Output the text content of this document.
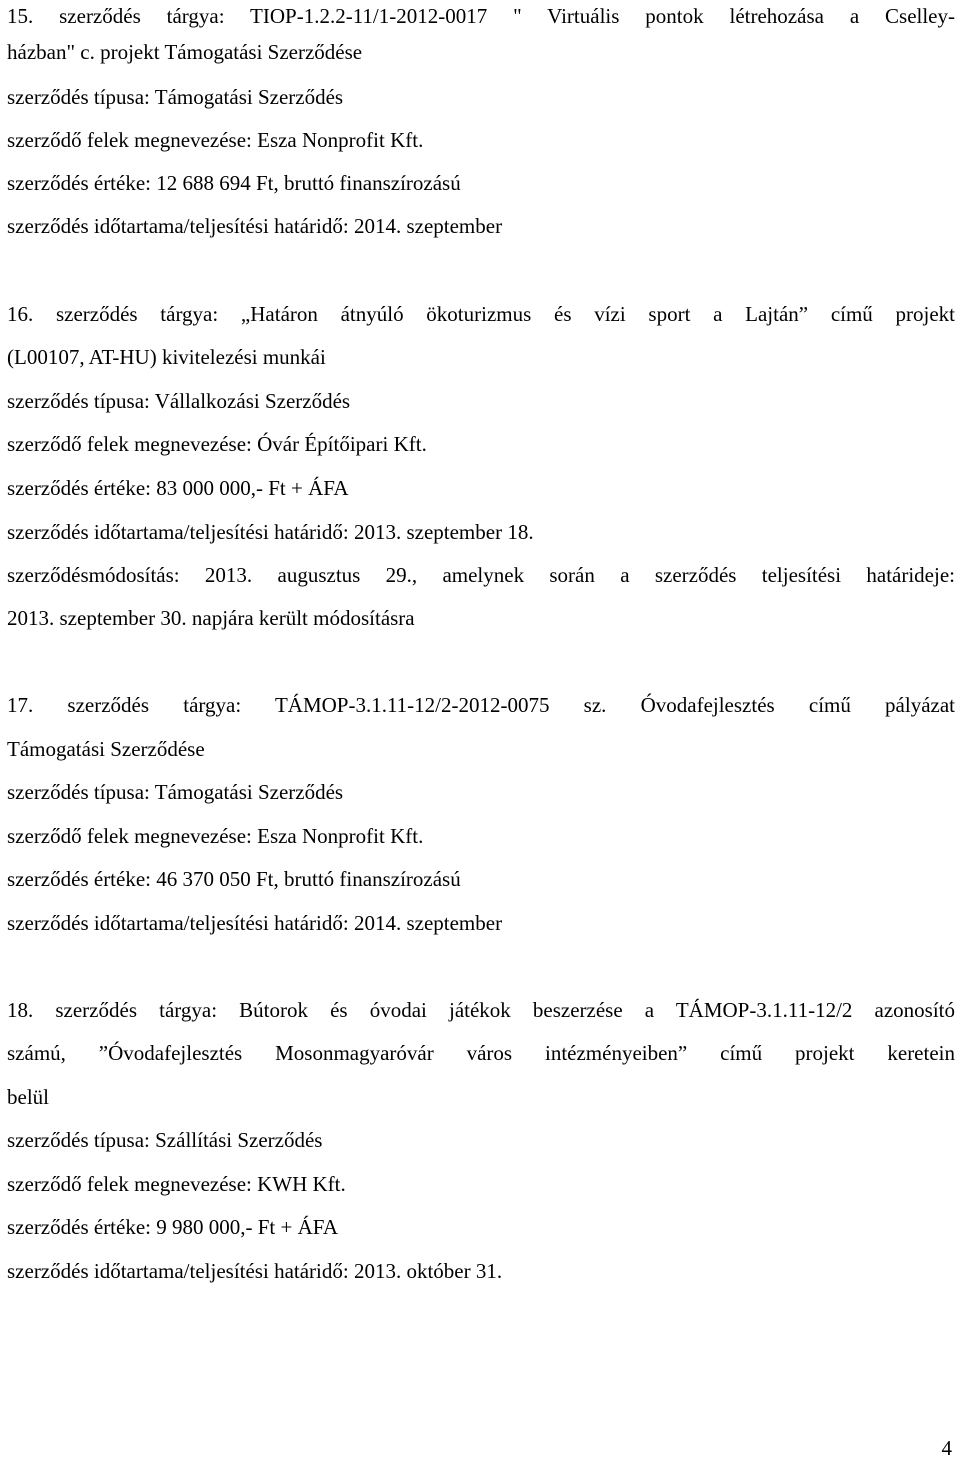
15. szerződés tárgya: TIOP-1.2.2-11/1-2012-0017 " Virtuális pontok létrehozása a Cselley-
házban" c. projekt Támogatási Szerződése
szerződés típusa: Támogatási Szerződés
szerződő felek megnevezése: Esza Nonprofit Kft.
szerződés értéke: 12 688 694 Ft, bruttó finanszírozású
szerződés időtartama/teljesítési határidő: 2014. szeptember
16. szerződés tárgya: „Határon átnyúló ökoturizmus és vízi sport a Lajtán” című projekt
(L00107, AT-HU) kivitelezési munkái
szerződés típusa: Vállalkozási Szerződés
szerződő felek megnevezése: Óvár Építőipari Kft.
szerződés értéke: 83 000 000,- Ft + ÁFA
szerződés időtartama/teljesítési határidő: 2013. szeptember 18.
szerződésmódosítás: 2013. augusztus 29., amelynek során a szerződés teljesítési határideje:
2013. szeptember 30. napjára került módosításra
17. szerződés tárgya: TÁMOP-3.1.11-12/2-2012-0075 sz. Óvodafejlesztés című pályázat
Támogatási Szerződése
szerződés típusa: Támogatási Szerződés
szerződő felek megnevezése: Esza Nonprofit Kft.
szerződés értéke: 46 370 050 Ft, bruttó finanszírozású
szerződés időtartama/teljesítési határidő: 2014. szeptember
18. szerződés tárgya: Bútorok és óvodai játékok beszerzése a TÁMOP-3.1.11-12/2 azonosító
számú, ”Óvodafejlesztés Mosonmagyaróvár város intézményeiben” című projekt keretein
belül
szerződés típusa: Szállítási Szerződés
szerződő felek megnevezése: KWH Kft.
szerződés értéke: 9 980 000,- Ft + ÁFA
szerződés időtartama/teljesítési határidő: 2013. október 31.
4
